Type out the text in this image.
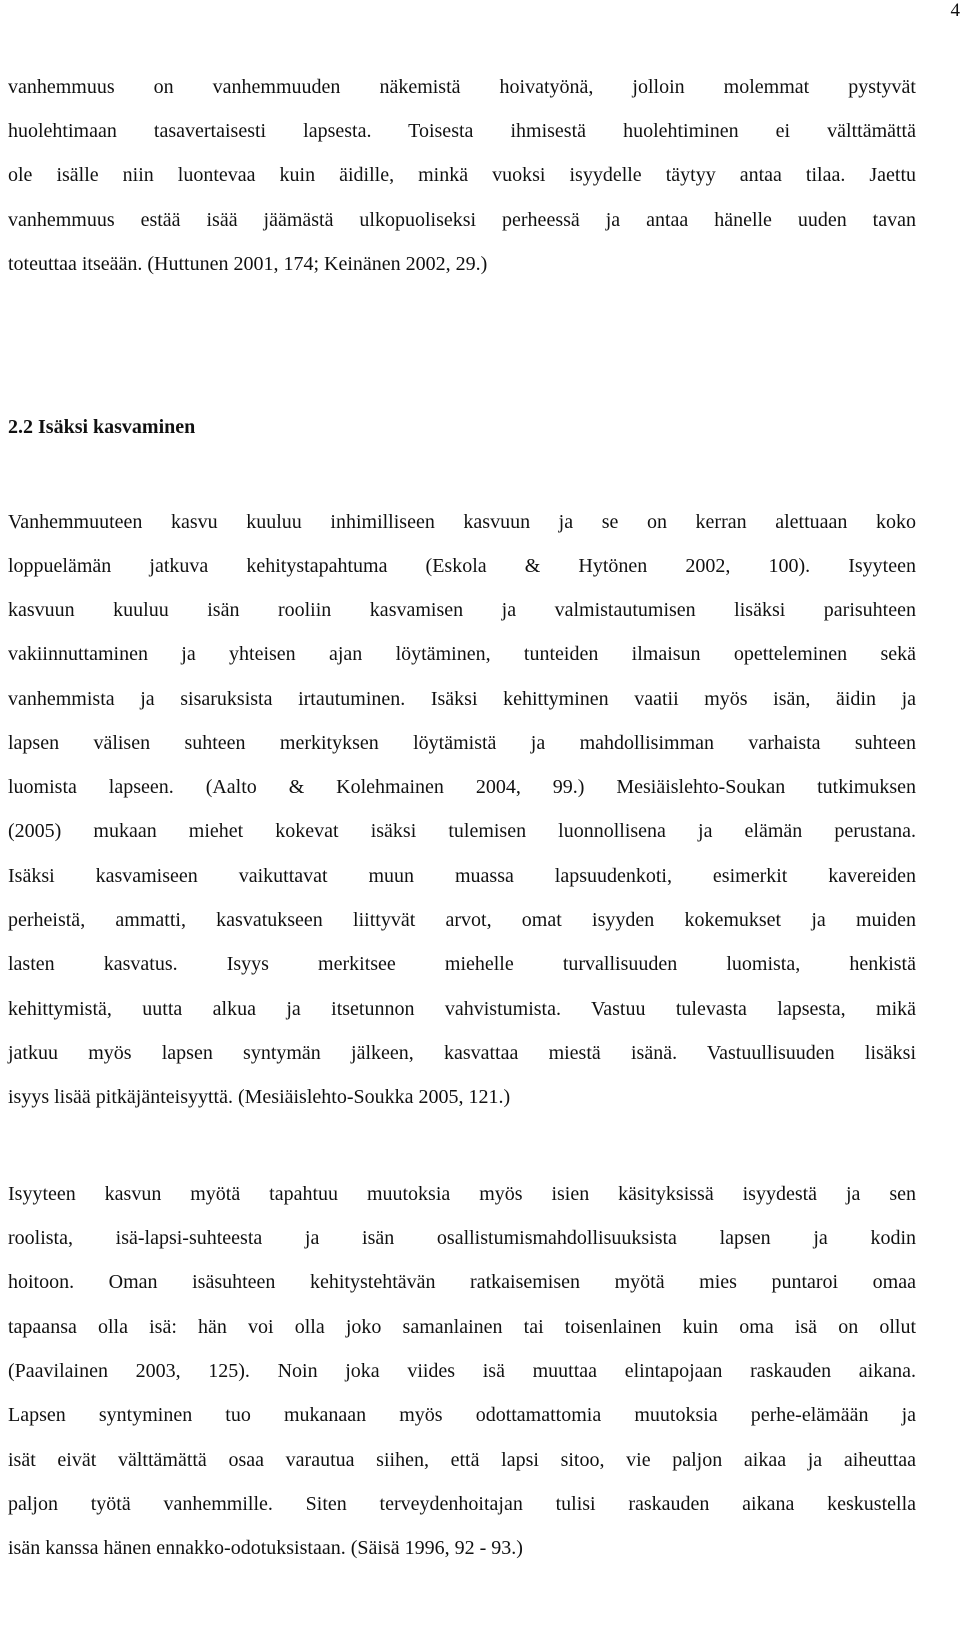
4
vanhemmuus on vanhemmuuden näkemistä hoivatyönä, jolloin molemmat pystyvät
huolehtimaan tasavertaisesti lapsesta. Toisesta ihmisestä huolehtiminen ei välttämättä
ole isälle niin luontevaa kuin äidille, minkä vuoksi isyydelle täytyy antaa tilaa. Jaettu
vanhemmuus estää isää jäämästä ulkopuoliseksi perheessä ja antaa hänelle uuden tavan
toteuttaa itseään. (Huttunen 2001, 174; Keinänen 2002, 29.)
2.2 Isäksi kasvaminen
Vanhemmuuteen kasvu kuuluu inhimilliseen kasvuun ja se on kerran alettuaan koko
loppuelämän jatkuva kehitystapahtuma (Eskola & Hytönen 2002, 100). Isyyteen
kasvuun kuuluu isän rooliin kasvamisen ja valmistautumisen lisäksi parisuhteen
vakiinnuttaminen ja yhteisen ajan löytäminen, tunteiden ilmaisun opetteleminen sekä
vanhemmista ja sisaruksista irtautuminen. Isäksi kehittyminen vaatii myös isän, äidin ja
lapsen välisen suhteen merkityksen löytämistä ja mahdollisimman varhaista suhteen
luomista lapseen. (Aalto & Kolehmainen 2004, 99.) Mesiäislehto-Soukan tutkimuksen
(2005) mukaan miehet kokevat isäksi tulemisen luonnollisena ja elämän perustana.
Isäksi kasvamiseen vaikuttavat muun muassa lapsuudenkoti, esimerkit kavereiden
perheistä, ammatti, kasvatukseen liittyvät arvot, omat isyyden kokemukset ja muiden
lasten kasvatus. Isyys merkitsee miehelle turvallisuuden luomista, henkistä
kehittymistä, uutta alkua ja itsetunnon vahvistumista. Vastuu tulevasta lapsesta, mikä
jatkuu myös lapsen syntymän jälkeen, kasvattaa miestä isänä. Vastuullisuuden lisäksi
isyys lisää pitkäjänteisyyttä. (Mesiäislehto-Soukka 2005, 121.)
Isyyteen kasvun myötä tapahtuu muutoksia myös isien käsityksissä isyydestä ja sen
roolista, isä-lapsi-suhteesta ja isän osallistumismahdollisuuksista lapsen ja kodin
hoitoon. Oman isäsuhteen kehitystehtävän ratkaisemisen myötä mies puntaroi omaa
tapaansa olla isä: hän voi olla joko samanlainen tai toisenlainen kuin oma isä on ollut
(Paavilainen 2003, 125). Noin joka viides isä muuttaa elintapojaan raskauden aikana.
Lapsen syntyminen tuo mukanaan myös odottamattomia muutoksia perhe-elämään ja
isät eivät välttämättä osaa varautua siihen, että lapsi sitoo, vie paljon aikaa ja aiheuttaa
paljon työtä vanhemmille. Siten terveydenhoitajan tulisi raskauden aikana keskustella
isän kanssa hänen ennakko-odotuksistaan. (Säisä 1996, 92 - 93.)
